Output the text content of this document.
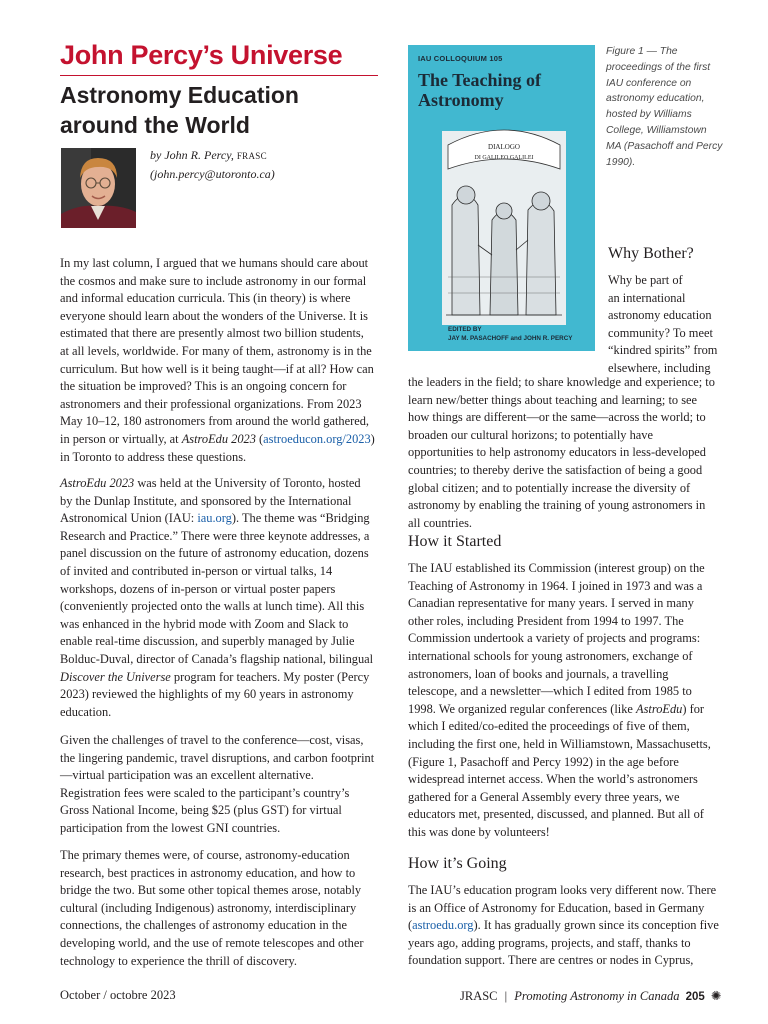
John Percy’s Universe
Astronomy Education around the World
by John R. Percy, FRASC
(john.percy@utoronto.ca)
In my last column, I argued that we humans should care about the cosmos and make sure to include astronomy in our formal and informal education curricula. This (in theory) is where everyone should learn about the wonders of the Universe. It is estimated that there are presently almost two billion students, at all levels, worldwide. For many of them, astronomy is in the curriculum. But how well is it being taught—if at all? How can the situation be improved? This is an ongoing concern for astronomers and their professional organizations. From 2023 May 10–12, 180 astronomers from around the world gathered, in person or virtually, at AstroEdu 2023 (astroeducon.org/2023) in Toronto to address these questions.
AstroEdu 2023 was held at the University of Toronto, hosted by the Dunlap Institute, and sponsored by the International Astronomical Union (IAU: iau.org). The theme was “Bridging Research and Practice.” There were three keynote addresses, a panel discussion on the future of astronomy education, dozens of invited and contributed in-person or virtual talks, 14 workshops, dozens of in-person or virtual poster papers (conveniently projected onto the walls at lunch time). All this was enhanced in the hybrid mode with Zoom and Slack to enable real-time discussion, and superbly managed by Julie Bolduc-Duval, director of Canada’s flagship national, bilingual Discover the Universe program for teachers. My poster (Percy 2023) reviewed the highlights of my 60 years in astronomy education.
Given the challenges of travel to the conference—cost, visas, the lingering pandemic, travel disruptions, and carbon footprint—virtual participation was an excellent alternative. Registration fees were scaled to the participant’s country’s Gross National Income, being $25 (plus GST) for virtual participation from the lowest GNI countries.
The primary themes were, of course, astronomy-education research, best practices in astronomy education, and how to bridge the two. But some other topical themes arose, notably cultural (including Indigenous) astronomy, interdisciplinary connections, the challenges of astronomy education in the developing world, and the use of remote telescopes and other technology to experience the thrill of discovery.
DIALOGO
DI GALILEO GALILEI
IAU COLLOQUIUM 105
The Teaching of
Astronomy
EDITED BY
JAY M. PASACHOFF and JOHN R. PERCY
Figure 1 — The proceedings of the first IAU conference on astronomy education, hosted by Williams College, Williamstown MA (Pasachoff and Percy 1990).
Why Bother?
Why be part of
an international
astronomy education
community? To meet
“kindred spirits” from
elsewhere, including
the leaders in the field; to share knowledge and experience; to learn new/better things about teaching and learning; to see how things are different—or the same—across the world; to broaden our cultural horizons; to potentially have opportunities to help astronomy educators in less-developed countries; to thereby derive the satisfaction of being a good global citizen; and to potentially increase the diversity of astronomy by enabling the training of young astronomers in all countries.
How it Started
The IAU established its Commission (interest group) on the Teaching of Astronomy in 1964. I joined in 1973 and was a Canadian representative for many years. I served in many other roles, including President from 1994 to 1997. The Commission undertook a variety of projects and programs: international schools for young astronomers, exchange of astronomers, loan of books and journals, a travelling telescope, and a newsletter—which I edited from 1985 to 1998. We organized regular conferences (like AstroEdu) for which I edited/co-edited the proceedings of five of them, including the first one, held in Williamstown, Massachusetts, (Figure 1, Pasachoff and Percy 1992) in the age before widespread internet access. When the world’s astronomers gathered for a General Assembly every three years, we educators met, presented, discussed, and planned. But all of this was done by volunteers!
How it’s Going
The IAU’s education program looks very different now. There is an Office of Astronomy for Education, based in Germany (astroedu.org). It has gradually grown since its conception five years ago, adding programs, projects, and staff, thanks to foundation support. There are centres or nodes in Cyprus,
October / octobre 2023	JRASC | Promoting Astronomy in Canada 205 ✺
